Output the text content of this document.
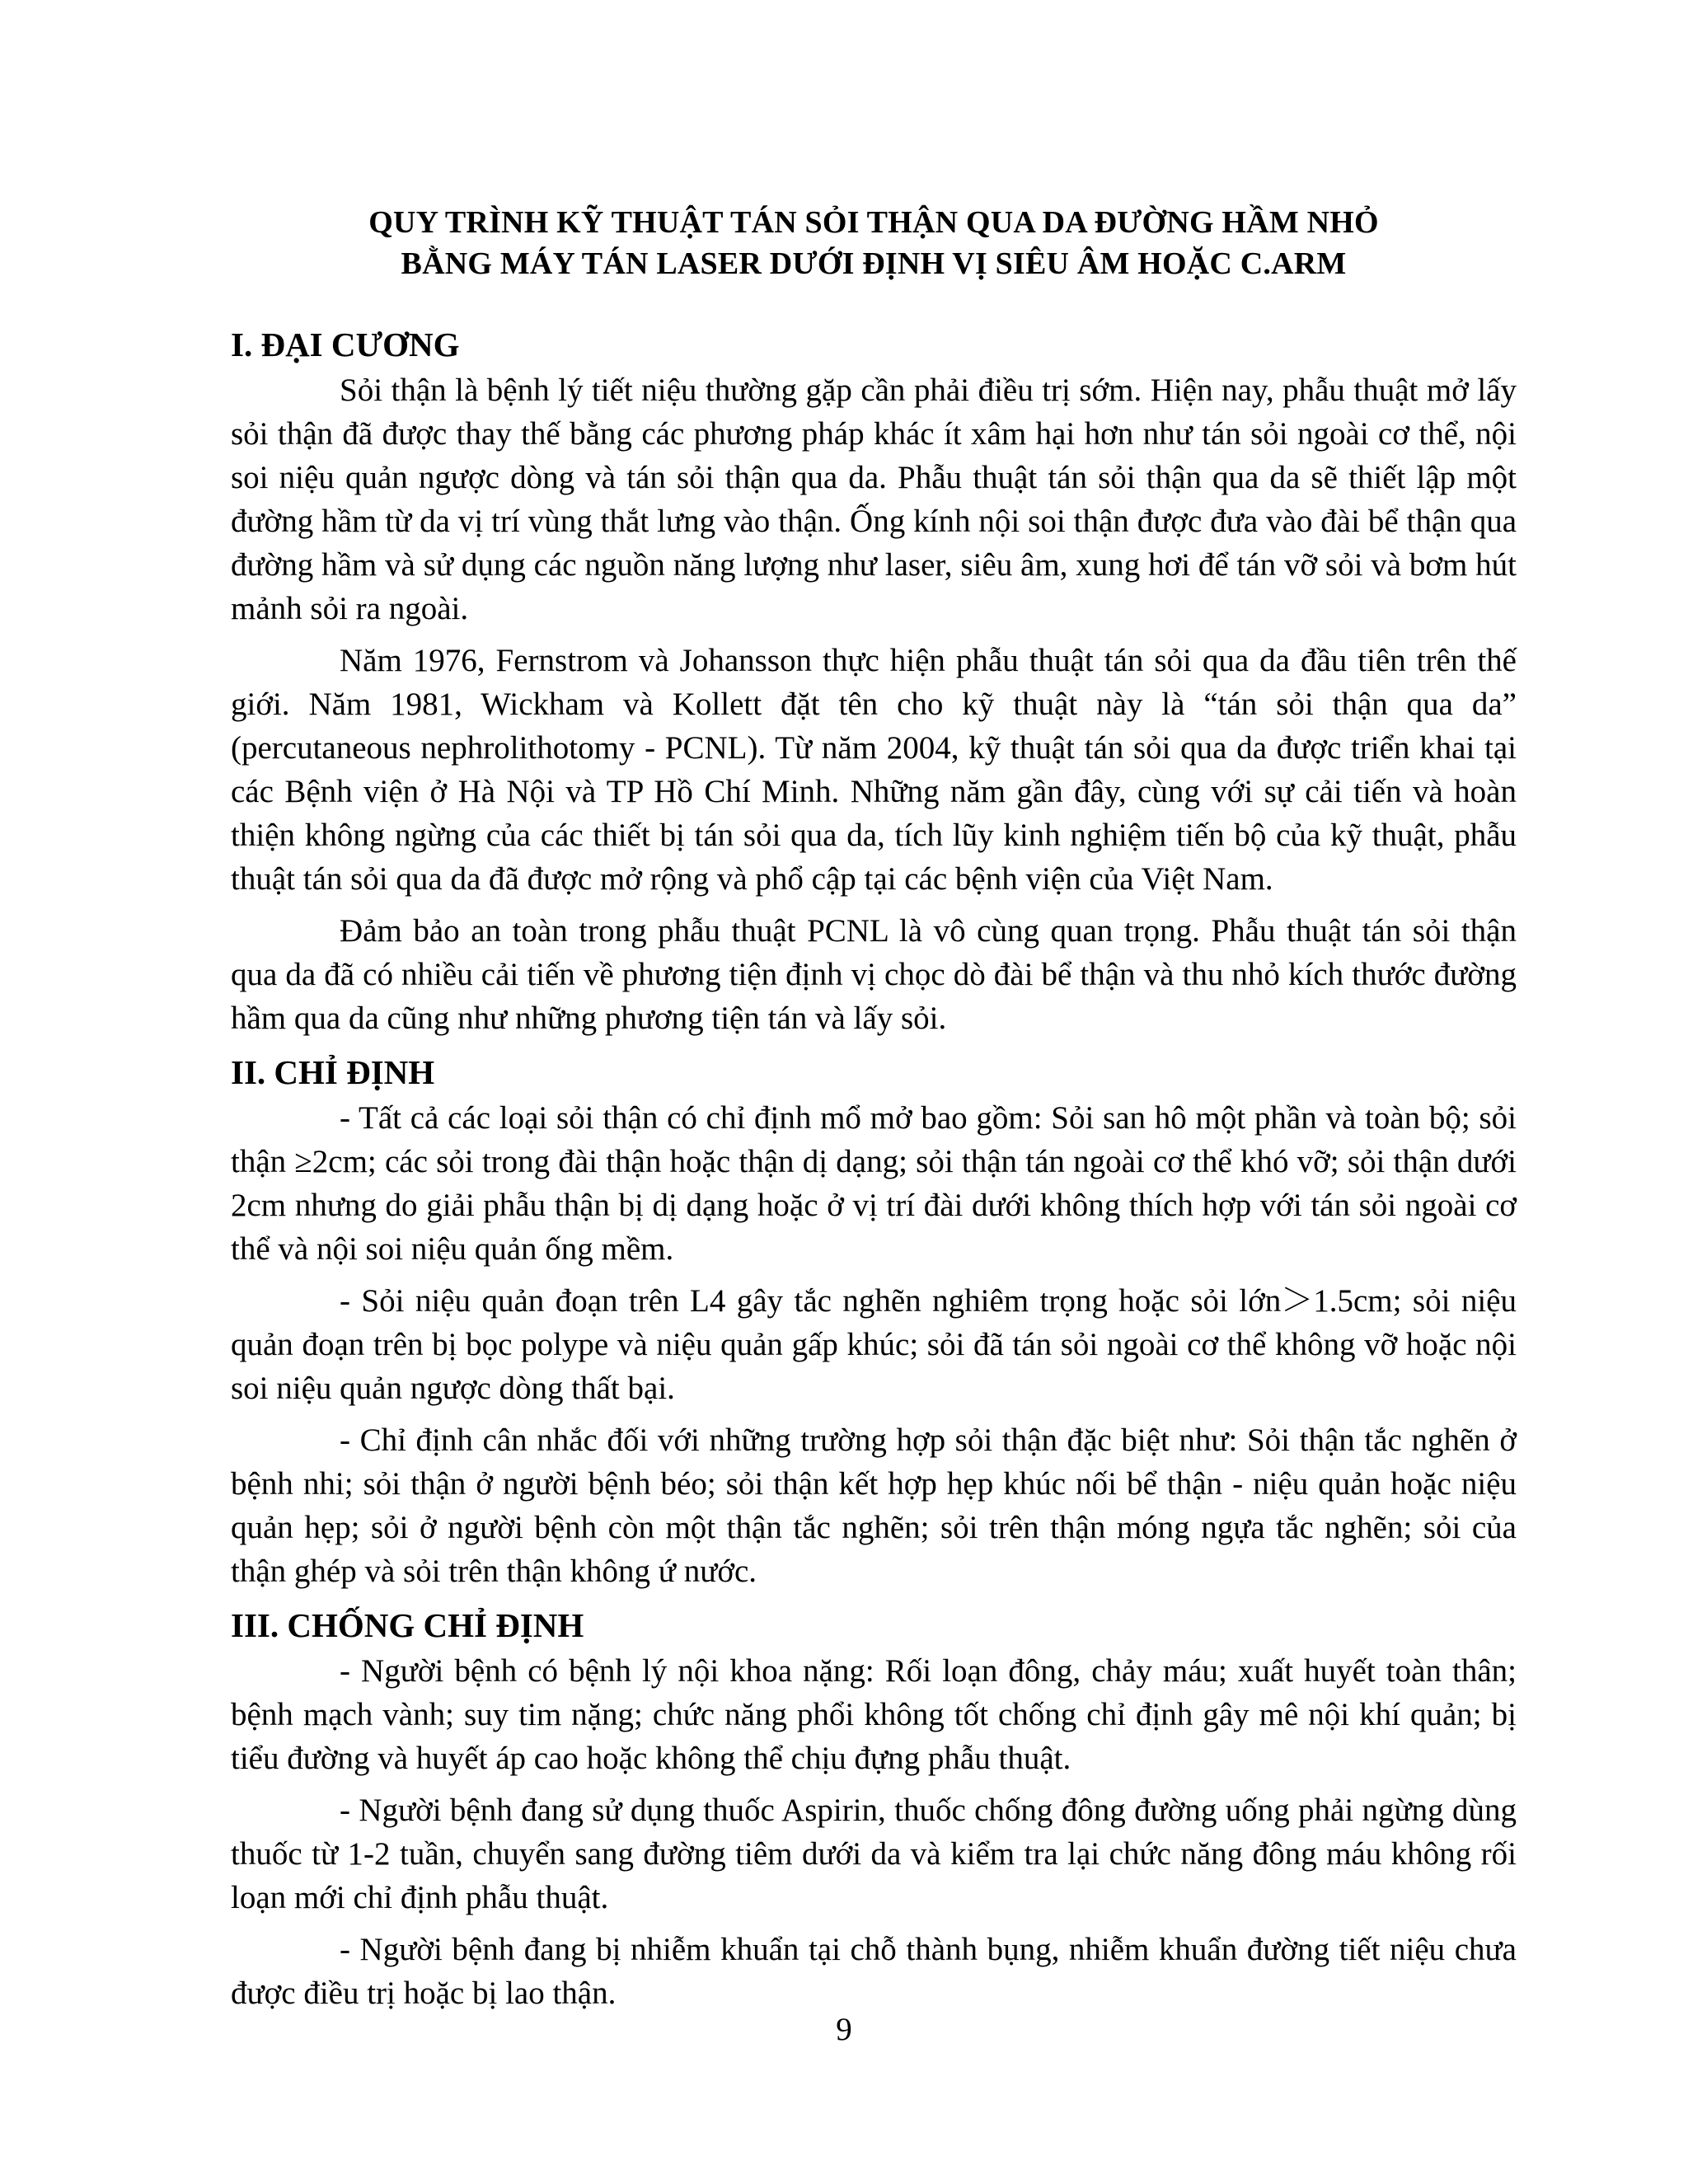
QUY TRÌNH KỸ THUẬT TÁN SỎI THẬN QUA DA ĐƯỜNG HẦM NHỎ
BẰNG MÁY TÁN LASER DƯỚI ĐỊNH VỊ SIÊU ÂM HOẶC C.ARM
I. ĐẠI CƯƠNG

Sỏi thận là bệnh lý tiết niệu thường gặp cần phải điều trị sớm. Hiện nay, phẫu thuật mở lấy sỏi thận đã được thay thế bằng các phương pháp khác ít xâm hại hơn như tán sỏi ngoài cơ thể, nội soi niệu quản ngược dòng và tán sỏi thận qua da. Phẫu thuật tán sỏi thận qua da sẽ thiết lập một đường hầm từ da vị trí vùng thắt lưng vào thận. Ống kính nội soi thận được đưa vào đài bể thận qua đường hầm và sử dụng các nguồn năng lượng như laser, siêu âm, xung hơi để tán vỡ sỏi và bơm hút mảnh sỏi ra ngoài.

Năm 1976, Fernstrom và Johansson thực hiện phẫu thuật tán sỏi qua da đầu tiên trên thế giới. Năm 1981, Wickham và Kollett đặt tên cho kỹ thuật này là “tán sỏi thận qua da” (percutaneous nephrolithotomy - PCNL). Từ năm 2004, kỹ thuật tán sỏi qua da được triển khai tại các Bệnh viện ở Hà Nội và TP Hồ Chí Minh. Những năm gần đây, cùng với sự cải tiến và hoàn thiện không ngừng của các thiết bị tán sỏi qua da, tích lũy kinh nghiệm tiến bộ của kỹ thuật, phẫu thuật tán sỏi qua da đã được mở rộng và phổ cập tại các bệnh viện của Việt Nam.

Đảm bảo an toàn trong phẫu thuật PCNL là vô cùng quan trọng. Phẫu thuật tán sỏi thận qua da đã có nhiều cải tiến về phương tiện định vị chọc dò đài bể thận và thu nhỏ kích thước đường hầm qua da cũng như những phương tiện tán và lấy sỏi.

II. CHỈ ĐỊNH

- Tất cả các loại sỏi thận có chỉ định mổ mở bao gồm: Sỏi san hô một phần và toàn bộ; sỏi thận ≥2cm; các sỏi trong đài thận hoặc thận dị dạng; sỏi thận tán ngoài cơ thể khó vỡ; sỏi thận dưới 2cm nhưng do giải phẫu thận bị dị dạng hoặc ở vị trí đài dưới không thích hợp với tán sỏi ngoài cơ thể và nội soi niệu quản ống mềm.

- Sỏi niệu quản đoạn trên L4 gây tắc nghẽn nghiêm trọng hoặc sỏi lớn＞1.5cm; sỏi niệu quản đoạn trên bị bọc polype và niệu quản gấp khúc; sỏi đã tán sỏi ngoài cơ thể không vỡ hoặc nội soi niệu quản ngược dòng thất bại.

- Chỉ định cân nhắc đối với những trường hợp sỏi thận đặc biệt như: Sỏi thận tắc nghẽn ở bệnh nhi; sỏi thận ở người bệnh béo; sỏi thận kết hợp hẹp khúc nối bể thận - niệu quản hoặc niệu quản hẹp; sỏi ở người bệnh còn một thận tắc nghẽn; sỏi trên thận móng ngựa tắc nghẽn; sỏi của thận ghép và sỏi trên thận không ứ nước.

III. CHỐNG CHỈ ĐỊNH

- Người bệnh có bệnh lý nội khoa nặng: Rối loạn đông, chảy máu; xuất huyết toàn thân; bệnh mạch vành; suy tim nặng; chức năng phổi không tốt chống chỉ định gây mê nội khí quản; bị tiểu đường và huyết áp cao hoặc không thể chịu đựng phẫu thuật.

- Người bệnh đang sử dụng thuốc Aspirin, thuốc chống đông đường uống phải ngừng dùng thuốc từ 1-2 tuần, chuyển sang đường tiêm dưới da và kiểm tra lại chức năng đông máu không rối loạn mới chỉ định phẫu thuật.

- Người bệnh đang bị nhiễm khuẩn tại chỗ thành bụng, nhiễm khuẩn đường tiết niệu chưa được điều trị hoặc bị lao thận.

9
